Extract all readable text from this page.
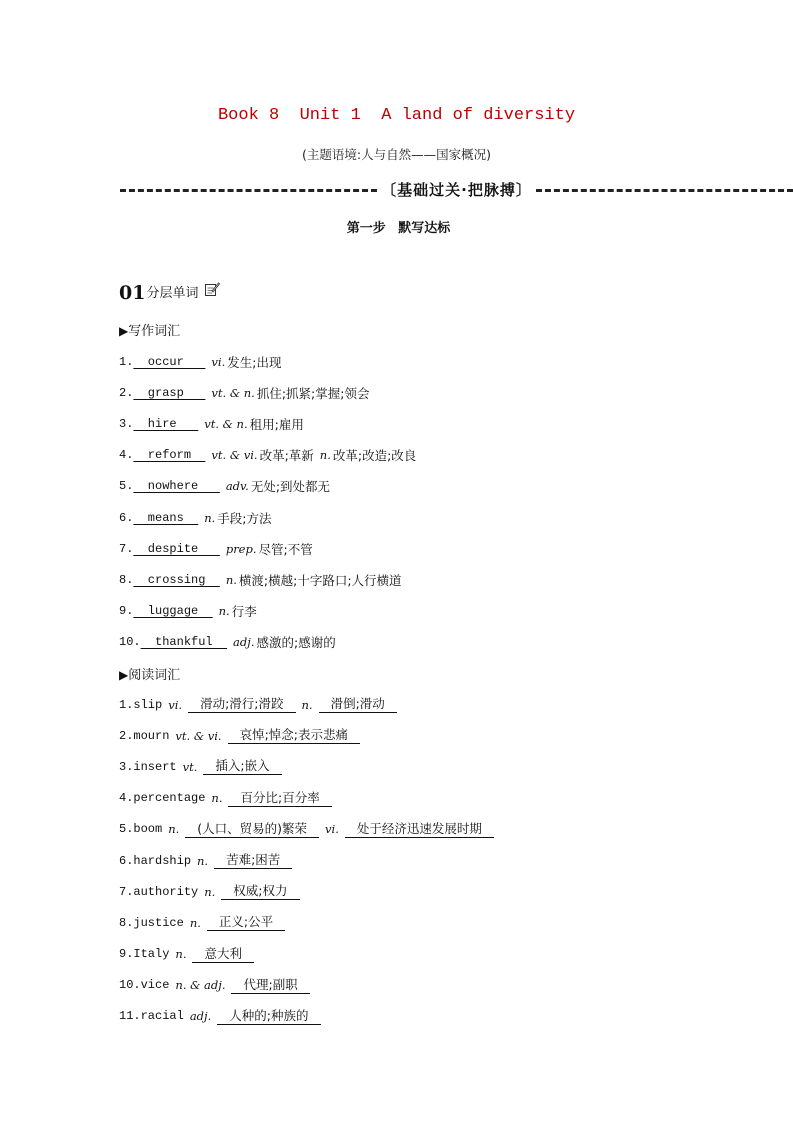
Book 8  Unit 1  A land of diversity
(主题语境:人与自然——国家概况)
〔基础过关·把脉搏〕
第一步 默写达标
01 分层单词
▶写作词汇
1. occur vi. 发生;出现
2. grasp vt. & n. 抓住;抓紧;掌握;领会
3. hire vt. & n. 租用;雇用
4. reform vt. & vi. 改革;革新 n. 改革;改造;改良
5. nowhere adv. 无处;到处都无
6. means n. 手段;方法
7. despite prep. 尽管;不管
8. crossing n. 横渡;横越;十字路口;人行横道
9. luggage n. 行李
10. thankful adj. 感激的;感谢的
▶阅读词汇
1. slip vi.	滑动;滑行;滑跤	n.	滑倒;滑动
2. mourn vt. & vi.	哀悼;悼念;表示悲痛
3. insert vt.	插入;嵌入
4. percentage n.	百分比;百分率
5. boom n.	(人口、贸易的)繁荣	vi.	处于经济迅速发展时期
6. hardship n.	苦难;困苦
7. authority n.	权威;权力
8. justice n.	正义;公平
9. Italy n.	意大利
10. vice n. & adj.	代理;副职
11. racial adj.	人种的;种族的
